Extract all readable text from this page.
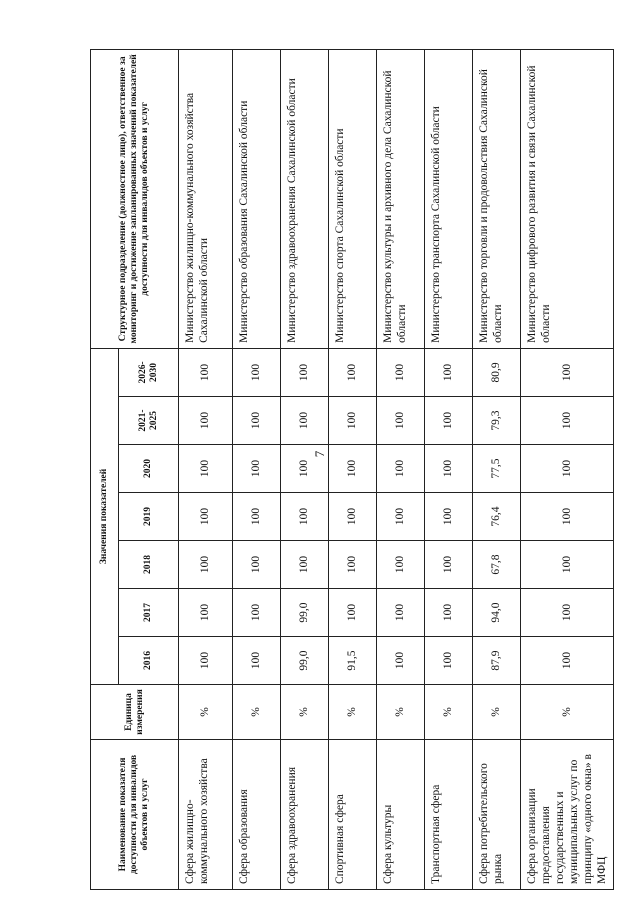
7
Наименование показателя доступности для инвалидов объектов и услуг	Единица измерения	Значения показателей							Структурное подразделение (должностное лицо), ответственное за мониторинг и достижение запланированных значений показателей доступности для инвалидов объектов и услуг
		2016	2017	2018	2019	2020	2021-2025	2026-2030	
Сфера жилищно-коммунального хозяйства	%	100	100	100	100	100	100	100	Министерство жилищно-коммунального хозяйства Сахалинской области
Сфера образования	%	100	100	100	100	100	100	100	Министерство образования Сахалинской области
Сфера здравоохранения	%	99,0	99,0	100	100	100	100	100	Министерство здравоохранения Сахалинской области
Спортивная сфера	%	91,5	100	100	100	100	100	100	Министерство спорта Сахалинской области
Сфера культуры	%	100	100	100	100	100	100	100	Министерство культуры и архивного дела Сахалинской области
Транспортная сфера	%	100	100	100	100	100	100	100	Министерство транспорта Сахалинской области
Сфера потребительского рынка	%	87,9	94,0	67,8	76,4	77,5	79,3	80,9	Министерство торговли и продовольствия Сахалинской области
Сфера организации предоставления государственных и муниципальных услуг по принципу «одного окна» в МФЦ	%	100	100	100	100	100	100	100	Министерство цифрового развития и связи Сахалинской области
